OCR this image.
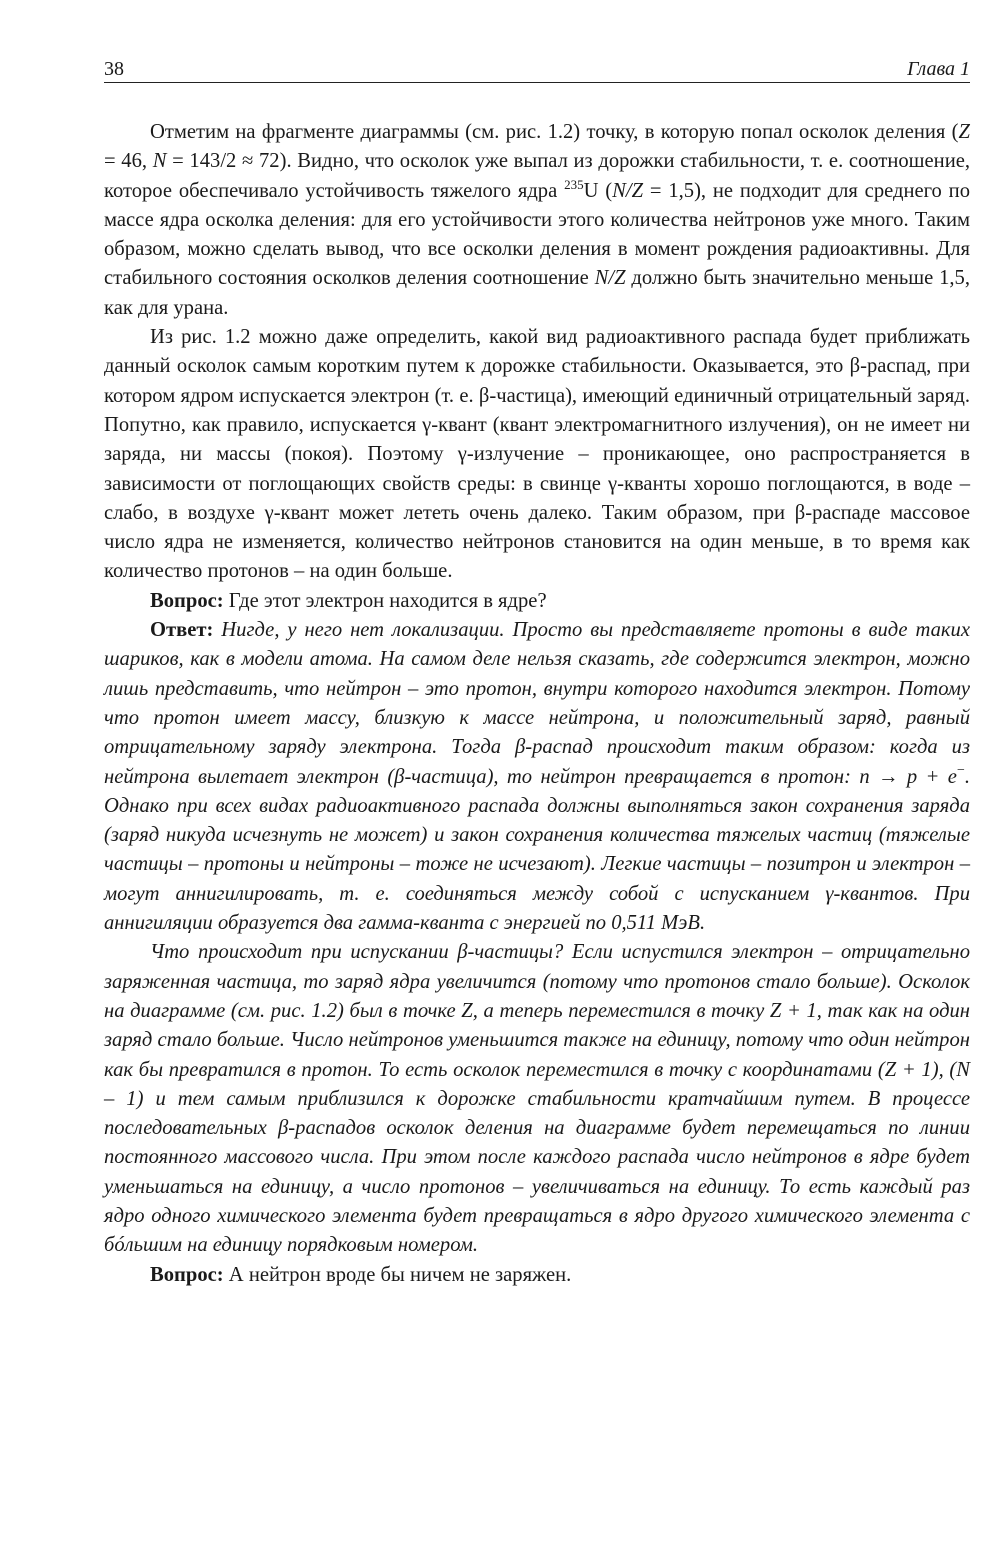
38	Глава 1

Отметим на фрагменте диаграммы (см. рис. 1.2) точку, в которую попал осколок деления (Z = 46, N = 143/2 ≈ 72). Видно, что осколок уже выпал из дорожки стабильности, т. е. соотношение, которое обеспечивало устойчивость тяжелого ядра $^{235}$U (N/Z = 1,5), не подходит для среднего по массе ядра осколка деления: для его устойчивости этого количества нейтронов уже много. Таким образом, можно сделать вывод, что все осколки деления в момент рождения радиоактивны. Для стабильного состояния осколков деления соотношение N/Z должно быть значительно меньше 1,5, как для урана.

Из рис. 1.2 можно даже определить, какой вид радиоактивного распада будет приближать данный осколок самым коротким путем к дорожке стабильности. Оказывается, это β-распад, при котором ядром испускается электрон (т. е. β-частица), имеющий единичный отрицательный заряд. Попутно, как правило, испускается γ-квант (квант электромагнитного излучения), он не имеет ни заряда, ни массы (покоя). Поэтому γ-излучение – проникающее, оно распространяется в зависимости от поглощающих свойств среды: в свинце γ-кванты хорошо поглощаются, в воде – слабо, в воздухе γ-квант может лететь очень далеко. Таким образом, при β-распаде массовое число ядра не изменяется, количество нейтронов становится на один меньше, в то время как количество протонов – на один больше.

Вопрос: Где этот электрон находится в ядре?

Ответ: Нигде, у него нет локализации. Просто вы представляете протоны в виде таких шариков, как в модели атома. На самом деле нельзя сказать, где содержится электрон, можно лишь представить, что нейтрон – это протон, внутри которого находится электрон. Потому что протон имеет массу, близкую к массе нейтрона, и положительный заряд, равный отрицательному заряду электрона. Тогда β-распад происходит таким образом: когда из нейтрона вылетает электрон (β-частица), то нейтрон превращается в протон: n → p + e−. Однако при всех видах радиоактивного распада должны выполняться закон сохранения заряда (заряд никуда исчезнуть не может) и закон сохранения количества тяжелых частиц (тяжелые частицы – протоны и нейтроны – тоже не исчезают). Легкие частицы – позитрон и электрон – могут аннигилировать, т. е. соединяться между собой с испусканием γ-квантов. При аннигиляции образуется два гамма-кванта с энергией по 0,511 МэВ.

Что происходит при испускании β-частицы? Если испустился электрон – отрицательно заряженная частица, то заряд ядра увеличится (потому что протонов стало больше). Осколок на диаграмме (см. рис. 1.2) был в точке Z, а теперь переместился в точку Z + 1, так как на один заряд стало больше. Число нейтронов уменьшится также на единицу, потому что один нейтрон как бы превратился в протон. То есть осколок переместился в точку с координатами (Z + 1), (N – 1) и тем самым приблизился к дорожке стабильности кратчайшим путем. В процессе последовательных β-распадов осколок деления на диаграмме будет перемещаться по линии постоянного массового числа. При этом после каждого распада число нейтронов в ядре будет уменьшаться на единицу, а число протонов – увеличиваться на единицу. То есть каждый раз ядро одного химического элемента будет превращаться в ядро другого химического элемента с бóльшим на единицу порядковым номером.

Вопрос: А нейтрон вроде бы ничем не заряжен.
